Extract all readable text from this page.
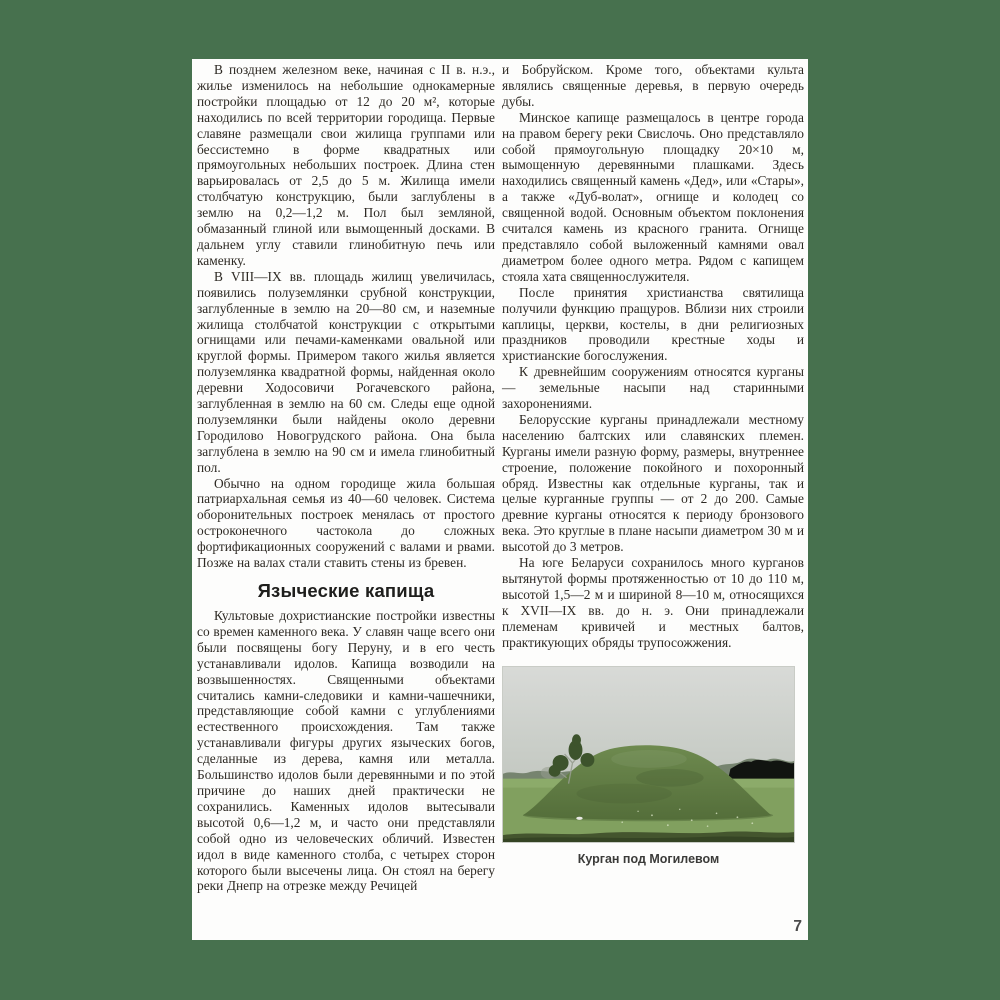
В позднем железном веке, начиная с II в. н.э., жилье изменилось на небольшие однокамерные постройки площадью от 12 до 20 м², которые находились по всей территории городища. Первые славяне размещали свои жилища группами или бессистемно в форме квадратных или прямоугольных небольших построек. Длина стен варьировалась от 2,5 до 5 м. Жилища имели столбчатую конструкцию, были заглублены в землю на 0,2—1,2 м. Пол был земляной, обмазанный глиной или вымощенный досками. В дальнем углу ставили глинобитную печь или каменку.

В VIII—IX вв. площадь жилищ увеличилась, появились полуземлянки срубной конструкции, заглубленные в землю на 20—80 см, и наземные жилища столбчатой конструкции с открытыми огнищами или печами-каменками овальной или круглой формы. Примером такого жилья является полуземлянка квадратной формы, найденная около деревни Ходосовичи Рогачевского района, заглубленная в землю на 60 см. Следы еще одной полуземлянки были найдены около деревни Городилово Новогрудского района. Она была заглублена в землю на 90 см и имела глинобитный пол.

Обычно на одном городище жила большая патриархальная семья из 40—60 человек. Система оборонительных построек менялась от простого остроконечного частокола до сложных фортификационных сооружений с валами и рвами. Позже на валах стали ставить стены из бревен.

Языческие капища

Культовые дохристианские постройки известны со времен каменного века. У славян чаще всего они были посвящены богу Перуну, и в его честь устанавливали идолов. Капища возводили на возвышенностях. Священными объектами считались камни-следовики и камни-чашечники, представляющие собой камни с углублениями естественного происхождения. Там также устанавливали фигуры других языческих богов, сделанные из дерева, камня или металла. Большинство идолов были деревянными и по этой причине до наших дней практически не сохранились. Каменных идолов вытесывали высотой 0,6—1,2 м, и часто они представляли собой одно из человеческих обличий. Известен идол в виде каменного столба, с четырех сторон которого были высечены лица. Он стоял на берегу реки Днепр на отрезке между Речицей

и Бобруйском. Кроме того, объектами культа являлись священные деревья, в первую очередь дубы.

Минское капище размещалось в центре города на правом берегу реки Свислочь. Оно представляло собой прямоугольную площадку 20×10 м, вымощенную деревянными плашками. Здесь находились священный камень «Дед», или «Стары», а также «Дуб-волат», огнище и колодец со священной водой. Основным объектом поклонения считался камень из красного гранита. Огнище представляло собой выложенный камнями овал диаметром более одного метра. Рядом с капищем стояла хата священнослужителя.

После принятия христианства святилища получили функцию пращуров. Вблизи них строили каплицы, церкви, костелы, в дни религиозных праздников проводили крестные ходы и христианские богослужения.

К древнейшим сооружениям относятся курганы — земельные насыпи над старинными захоронениями.

Белорусские курганы принадлежали местному населению балтских или славянских племен. Курганы имели разную форму, размеры, внутреннее строение, положение покойного и похоронный обряд. Известны как отдельные курганы, так и целые курганные группы — от 2 до 200. Самые древние курганы относятся к периоду бронзового века. Это круглые в плане насыпи диаметром 30 м и высотой до 3 метров.

На юге Беларуси сохранилось много курганов вытянутой формы протяженностью от 10 до 110 м, высотой 1,5—2 м и шириной 8—10 м, относящихся к XVII—IX вв. до н. э. Они принадлежали племенам кривичей и местных балтов, практикующих обряды трупосожжения.

Курган под Могилевом
7
